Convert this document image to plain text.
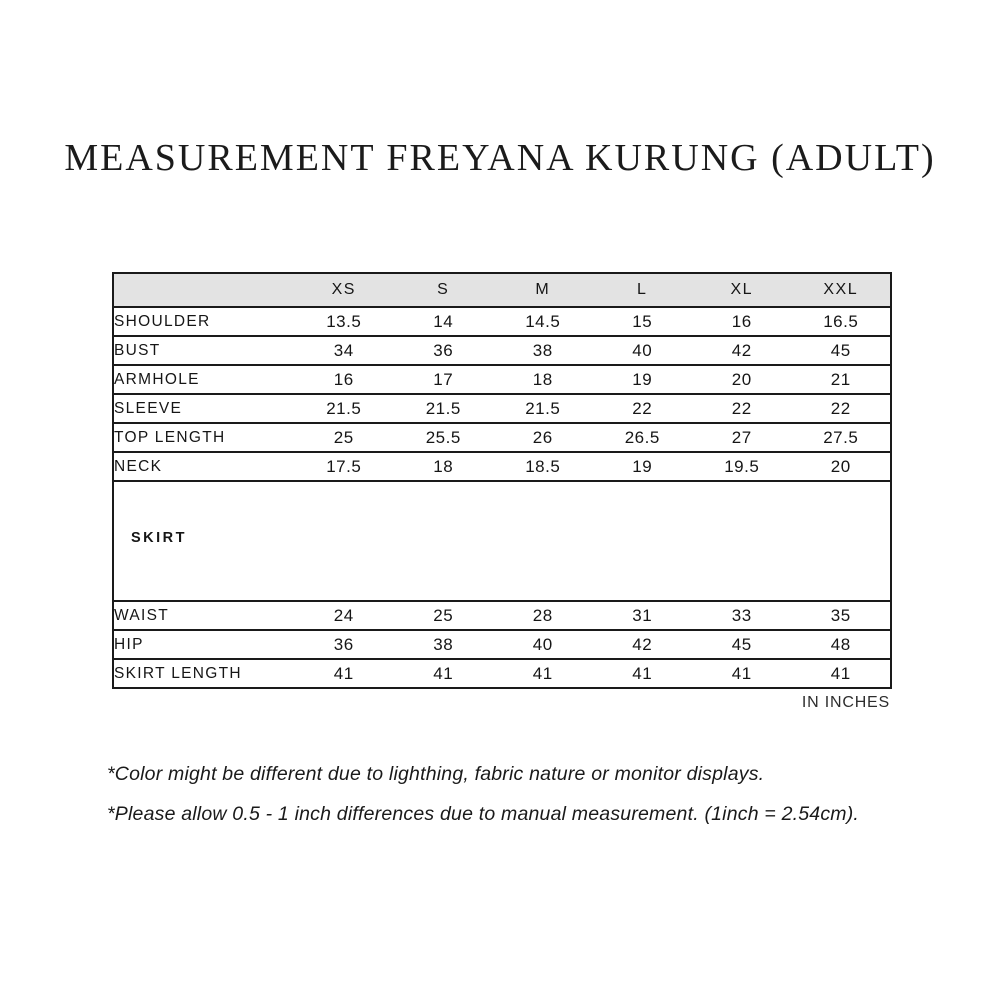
MEASUREMENT FREYANA KURUNG (ADULT)
	XS	S	M	L	XL	XXL
SHOULDER	13.5	14	14.5	15	16	16.5
BUST	34	36	38	40	42	45
ARMHOLE	16	17	18	19	20	21
SLEEVE	21.5	21.5	21.5	22	22	22
TOP LENGTH	25	25.5	26	26.5	27	27.5
NECK	17.5	18	18.5	19	19.5	20
SKIRT						
WAIST	24	25	28	31	33	35
HIP	36	38	40	42	45	48
SKIRT LENGTH	41	41	41	41	41	41
IN INCHES
*Color might be different due to lighthing, fabric nature or monitor displays.
*Please allow 0.5 - 1 inch differences due to manual measurement. (1inch = 2.54cm).
